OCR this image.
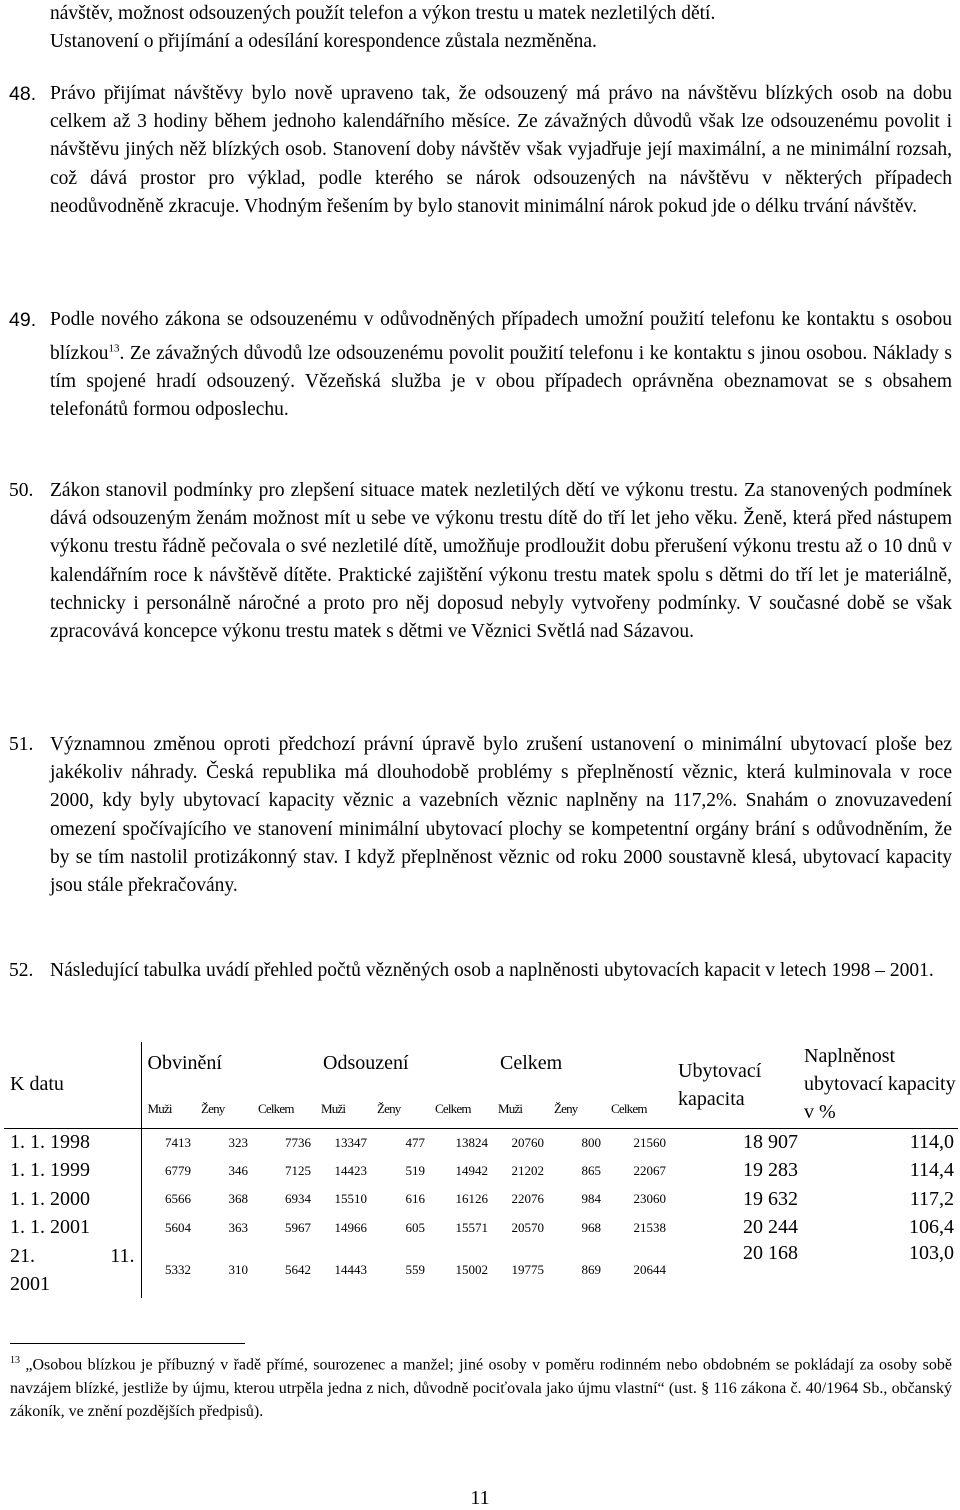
návštěv, možnost odsouzených použít telefon a výkon trestu u matek nezletilých dětí.

Ustanovení o přijímání a odesílání korespondence zůstala nezměněna.

48. Právo přijímat návštěvy bylo nově upraveno tak, že odsouzený má právo na návštěvu blízkých osob na dobu celkem až 3 hodiny během jednoho kalendářního měsíce. Ze závažných důvodů však lze odsouzenému povolit i návštěvu jiných něž blízkých osob. Stanovení doby návštěv však vyjadřuje její maximální, a ne minimální rozsah, což dává prostor pro výklad, podle kterého se nárok odsouzených na návštěvu v některých případech neodůvodněně zkracuje. Vhodným řešením by bylo stanovit minimální nárok pokud jde o délku trvání návštěv.
49. Podle nového zákona se odsouzenému v odůvodněných případech umožní použití telefonu ke kontaktu s osobou blízkou$^{13}$. Ze závažných důvodů lze odsouzenému povolit použití telefonu i ke kontaktu s jinou osobou. Náklady s tím spojené hradí odsouzený. Vězeňská služba je v obou případech oprávněna obeznamovat se s obsahem telefonátů formou odposlechu.
50. Zákon stanovil podmínky pro zlepšení situace matek nezletilých dětí ve výkonu trestu. Za stanovených podmínek dává odsouzeným ženám možnost mít u sebe ve výkonu trestu dítě do tří let jeho věku. Ženě, která před nástupem výkonu trestu řádně pečovala o své nezletilé dítě, umožňuje prodloužit dobu přerušení výkonu trestu až o 10 dnů v kalendářním roce k návštěvě dítěte. Praktické zajištění výkonu trestu matek spolu s dětmi do tří let je materiálně, technicky i personálně náročné a proto pro něj doposud nebyly vytvořeny podmínky. V současné době se však zpracovává koncepce výkonu trestu matek s dětmi ve Věznici Světlá nad Sázavou.
51. Významnou změnou oproti předchozí právní úpravě bylo zrušení ustanovení o minimální ubytovací ploše bez jakékoliv náhrady. Česká republika má dlouhodobě problémy s přeplněností věznic, která kulminovala v roce 2000, kdy byly ubytovací kapacity věznic a vazebních věznic naplněny na 117,2%. Snahám o znovuzavedení omezení spočívajícího ve stanovení minimální ubytovací plochy se kompetentní orgány brání s odůvodněním, že by se tím nastolil protizákonný stav. I když přeplněnost věznic od roku 2000 soustavně klesá, ubytovací kapacity jsou stále překračovány.
52. Následující tabulka uvádí přehled počtů vězněných osob a naplněnosti ubytovacích kapacit v letech 1998 – 2001.
K datu	Obvinění			Odsouzení			Celkem			Ubytovací kapacita	Naplněnost ubytovací kapacity v %
	Muži	Ženy	Celkem	Muži	Ženy	Celkem	Muži	Ženy	Celkem		
1. 1. 1998	7413	323	7736	13347	477	13824	20760	800	21560	18 907	114,0
1. 1. 1999	6779	346	7125	14423	519	14942	21202	865	22067	19 283	114,4
1. 1. 2000	6566	368	6934	15510	616	16126	22076	984	23060	19 632	117,2
1. 1. 2001	5604	363	5967	14966	605	15571	20570	968	21538	20 244	106,4

21. 11.
2001	5332	310	5642	14443	559	15002	19775	869	20644	20 168	103,0

$^{13}$ „Osobou blízkou je příbuzný v řadě přímé, sourozenec a manžel; jiné osoby v poměru rodinném nebo obdobném se pokládají za osoby sobě navzájem blízké, jestliže by újmu, kterou utrpěla jedna z nich, důvodně pociťovala jako újmu vlastní“ (ust. § 116 zákona č. 40/1964 Sb., občanský zákoník, ve znění pozdějších předpisů).

11
